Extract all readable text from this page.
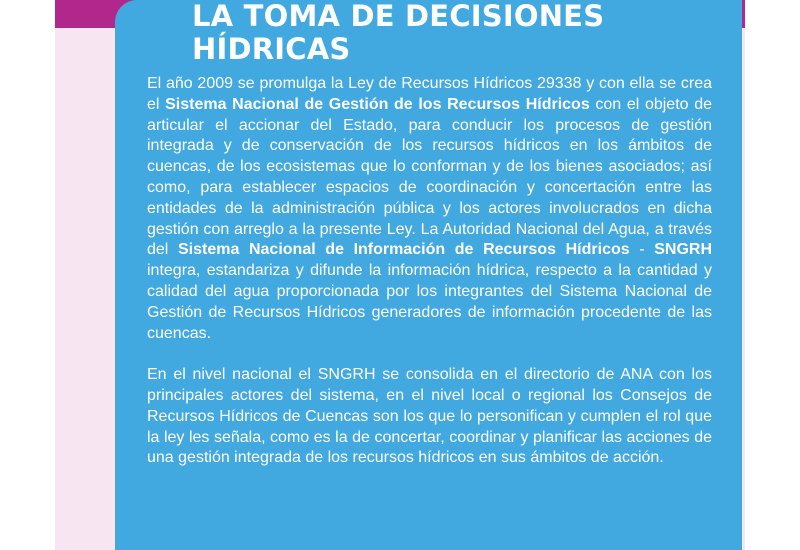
LA TOMA DE DECISIONES
HÍDRICAS

El año 2009 se promulga la Ley de Recursos Hídricos 29338 y con ella se crea el Sistema Nacional de Gestión de los Recursos Hídricos con el objeto de articular el accionar del Estado, para conducir los procesos de gestión integrada y de conservación de los recursos hídricos en los ámbitos de cuencas, de los ecosistemas que lo conforman y de los bienes asociados; así como, para establecer espacios de coordinación y concertación entre las entidades de la administración pública y los actores involucrados en dicha gestión con arreglo a la presente Ley. La Autoridad Nacional del Agua, a través del Sistema Nacional de Información de Recursos Hídricos - SNGRH integra, estandariza y difunde la información hídrica, respecto a la cantidad y calidad del agua proporcionada por los integrantes del Sistema Nacional de Gestión de Recursos Hídricos generadores de información procedente de las cuencas.

En el nivel nacional el SNGRH se consolida en el directorio de ANA con los principales actores del sistema, en el nivel local o regional los Consejos de Recursos Hídricos de Cuencas son los que lo personifican y cumplen el rol que la ley les señala, como es la de concertar, coordinar y planificar las acciones de una gestión integrada de los recursos hídricos en sus ámbitos de acción.
